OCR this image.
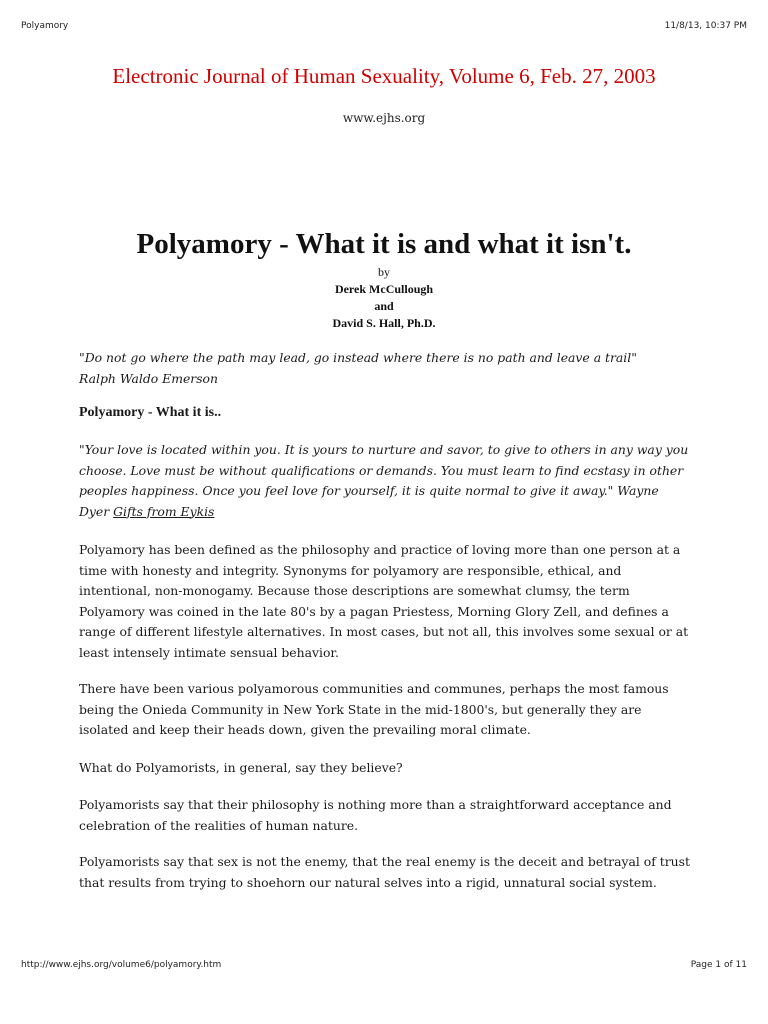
Polyamory	11/8/13, 10:37 PM
Electronic Journal of Human Sexuality, Volume 6, Feb. 27, 2003
www.ejhs.org
Polyamory - What it is and what it isn't.
by
Derek McCullough
and
David S. Hall, Ph.D.

"Do not go where the path may lead, go instead where there is no path and leave a trail"
Ralph Waldo Emerson

Polyamory - What it is..

"Your love is located within you. It is yours to nurture and savor, to give to others in any way you choose. Love must be without qualifications or demands. You must learn to find ecstasy in other peoples happiness. Once you feel love for yourself, it is quite normal to give it away." Wayne Dyer Gifts from Eykis

Polyamory has been defined as the philosophy and practice of loving more than one person at a time with honesty and integrity. Synonyms for polyamory are responsible, ethical, and intentional, non-monogamy. Because those descriptions are somewhat clumsy, the term Polyamory was coined in the late 80's by a pagan Priestess, Morning Glory Zell, and defines a range of different lifestyle alternatives. In most cases, but not all, this involves some sexual or at least intensely intimate sensual behavior.

There have been various polyamorous communities and communes, perhaps the most famous being the Onieda Community in New York State in the mid-1800's, but generally they are isolated and keep their heads down, given the prevailing moral climate.

What do Polyamorists, in general, say they believe?

Polyamorists say that their philosophy is nothing more than a straightforward acceptance and celebration of the realities of human nature.

Polyamorists say that sex is not the enemy, that the real enemy is the deceit and betrayal of trust that results from trying to shoehorn our natural selves into a rigid, unnatural social system.

http://www.ejhs.org/volume6/polyamory.htm	Page 1 of 11
